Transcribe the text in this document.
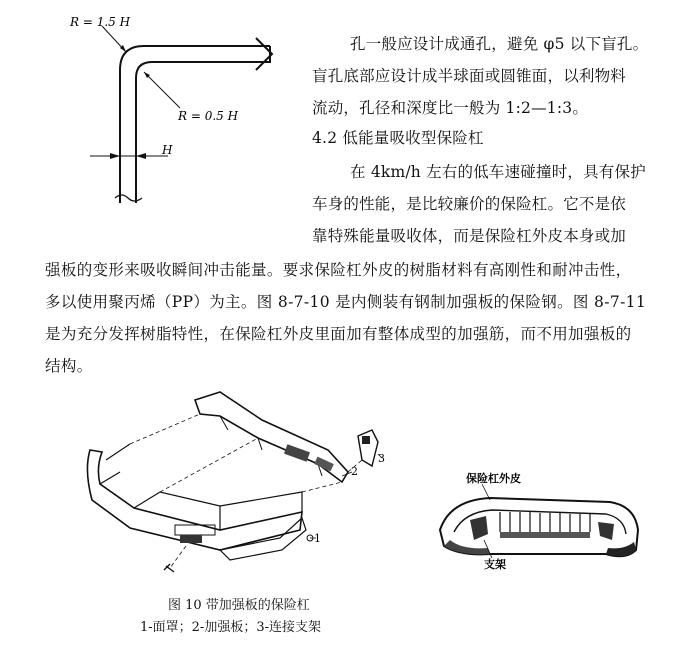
R = 1.5 H
R = 0.5 H
H
孔一般应设计成通孔，避免 φ5 以下盲孔。
盲孔底部应设计成半球面或圆锥面，以利物料
流动，孔径和深度比一般为 1:2—1:3。
4.2 低能量吸收型保险杠
在 4km/h 左右的低车速碰撞时，具有保护
车身的性能，是比较廉价的保险杠。它不是依
靠特殊能量吸收体，而是保险杠外皮本身或加
强板的变形来吸收瞬间冲击能量。要求保险杠外皮的树脂材料有高刚性和耐冲击性，
多以使用聚丙烯（PP）为主。图 8-7-10 是内侧装有钢制加强板的保险钢。图 8-7-11
是为充分发挥树脂特性，在保险杠外皮里面加有整体成型的加强筋，而不用加强板的
结构。
1
2
3
图 10 带加强板的保险杠
1-面罩；2-加强板；3-连接支架
保险杠外皮
支架
